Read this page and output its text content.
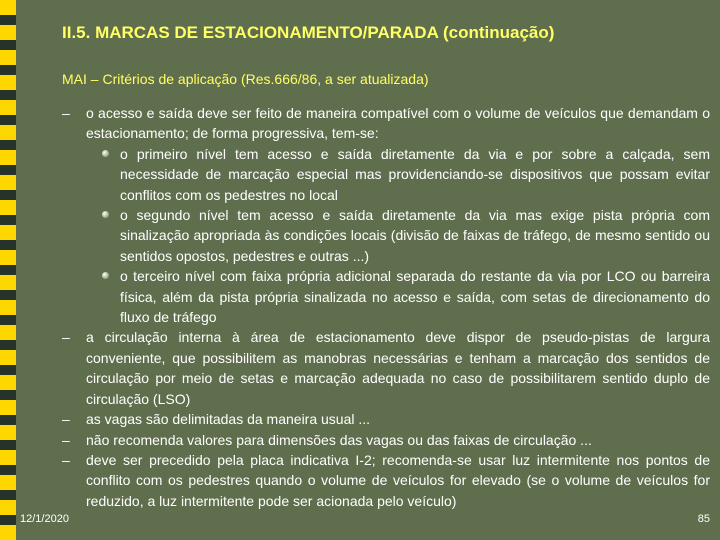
II.5. MARCAS DE ESTACIONAMENTO/PARADA (continuação)
MAI – Critérios de aplicação (Res.666/86, a ser atualizada)
– o acesso e saída deve ser feito de maneira compatível com o volume de veículos que demandam o estacionamento; de forma progressiva, tem-se:
o primeiro nível tem acesso e saída diretamente da via e por sobre a calçada, sem necessidade de marcação especial mas providenciando-se dispositivos que possam evitar conflitos com os pedestres no local
o segundo nível tem acesso e saída diretamente da via mas exige pista própria com sinalização apropriada às condições locais (divisão de faixas de tráfego, de mesmo sentido ou sentidos opostos, pedestres e outras ...)
o terceiro nível com faixa própria adicional separada do restante da via por LCO ou barreira física, além da pista própria sinalizada no acesso e saída, com setas de direcionamento do fluxo de tráfego
– a circulação interna à área de estacionamento deve dispor de pseudo-pistas de largura conveniente, que possibilitem as manobras necessárias e tenham a marcação dos sentidos de circulação por meio de setas e marcação adequada no caso de possibilitarem sentido duplo de circulação (LSO)
– as vagas são delimitadas da maneira usual ...
– não recomenda valores para dimensões das vagas ou das faixas de circulação ...
– deve ser precedido pela placa indicativa I-2; recomenda-se usar luz intermitente nos pontos de conflito com os pedestres quando o volume de veículos for elevado (se o volume de veículos for reduzido, a luz intermitente pode ser acionada pelo veículo)
12/1/2020	85
